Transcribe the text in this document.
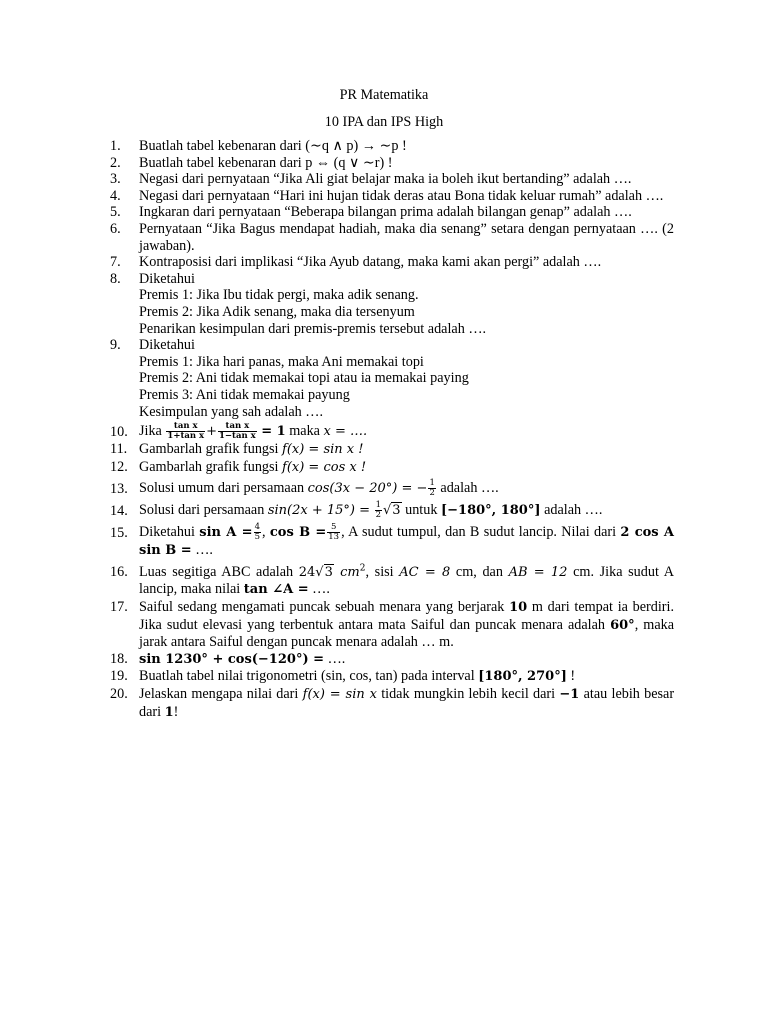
PR Matematika
10 IPA dan IPS High
1.	Buatlah tabel kebenaran dari (∼q ∧ p) → ∼p !
2.	Buatlah tabel kebenaran dari p ⇔ (q ∨ ∼r) !
3.	Negasi dari pernyataan “Jika Ali giat belajar maka ia boleh ikut bertanding” adalah ….
4.	Negasi dari pernyataan “Hari ini hujan tidak deras atau Bona tidak keluar rumah” adalah ….
5.	Ingkaran dari pernyataan “Beberapa bilangan prima adalah bilangan genap” adalah ….
6.	Pernyataan “Jika Bagus mendapat hadiah, maka dia senang” setara dengan pernyataan …. (2 jawaban).
7.	Kontraposisi dari implikasi “Jika Ayub datang, maka kami akan pergi” adalah ….
8.	Diketahui
Premis 1: Jika Ibu tidak pergi, maka adik senang.
Premis 2: Jika Adik senang, maka dia tersenyum
Penarikan kesimpulan dari premis-premis tersebut adalah ….
9.	Diketahui
Premis 1: Jika hari panas, maka Ani memakai topi
Premis 2: Ani tidak memakai topi atau ia memakai paying
Premis 3: Ani tidak memakai payung
Kesimpulan yang sah adalah ….
10. Jika $\frac{\text{tan x}}{\text{1+tan x}} + \frac{\text{tan x}}{\text{1−tan x}} = 1$ maka x = ….
11. Gambarlah grafik fungsi f(x) = sin x !
12. Gambarlah grafik fungsi f(x) = cos x !
13. Solusi umum dari persamaan cos(3x − 20°) = − $\frac{1}{2}$ adalah ….
14. Solusi dari persamaan $\sin(2x + 15^\circ) = \frac{1}{2} √3$ untuk [−180°, 180°] adalah ….
15. Diketahui $\sin A = \frac{4}{5}$ , $\cos B = \frac{5}{13}$ , A sudut tumpul, dan B sudut lancip. Nilai dari 2 cos A sin B = ….
16. Luas segitiga ABC adalah 24√3 $cm^2$, sisi AC = 8 cm, dan AB = 12 cm. Jika sudut A lancip, maka nilai tan ∠A = ….
17. Saiful sedang mengamati puncak sebuah menara yang berjarak 10 m dari tempat ia berdiri. Jika sudut elevasi yang terbentuk antara mata Saiful dan puncak menara adalah 60°, maka jarak antara Saiful dengan puncak menara adalah … m.
18. sin 1230° + cos(−120°) = ….
19. Buatlah tabel nilai trigonometri (sin, cos, tan) pada interval [180°, 270°] !
20. Jelaskan mengapa nilai dari f(x) = sin x tidak mungkin lebih kecil dari −1 atau lebih besar dari 1!
